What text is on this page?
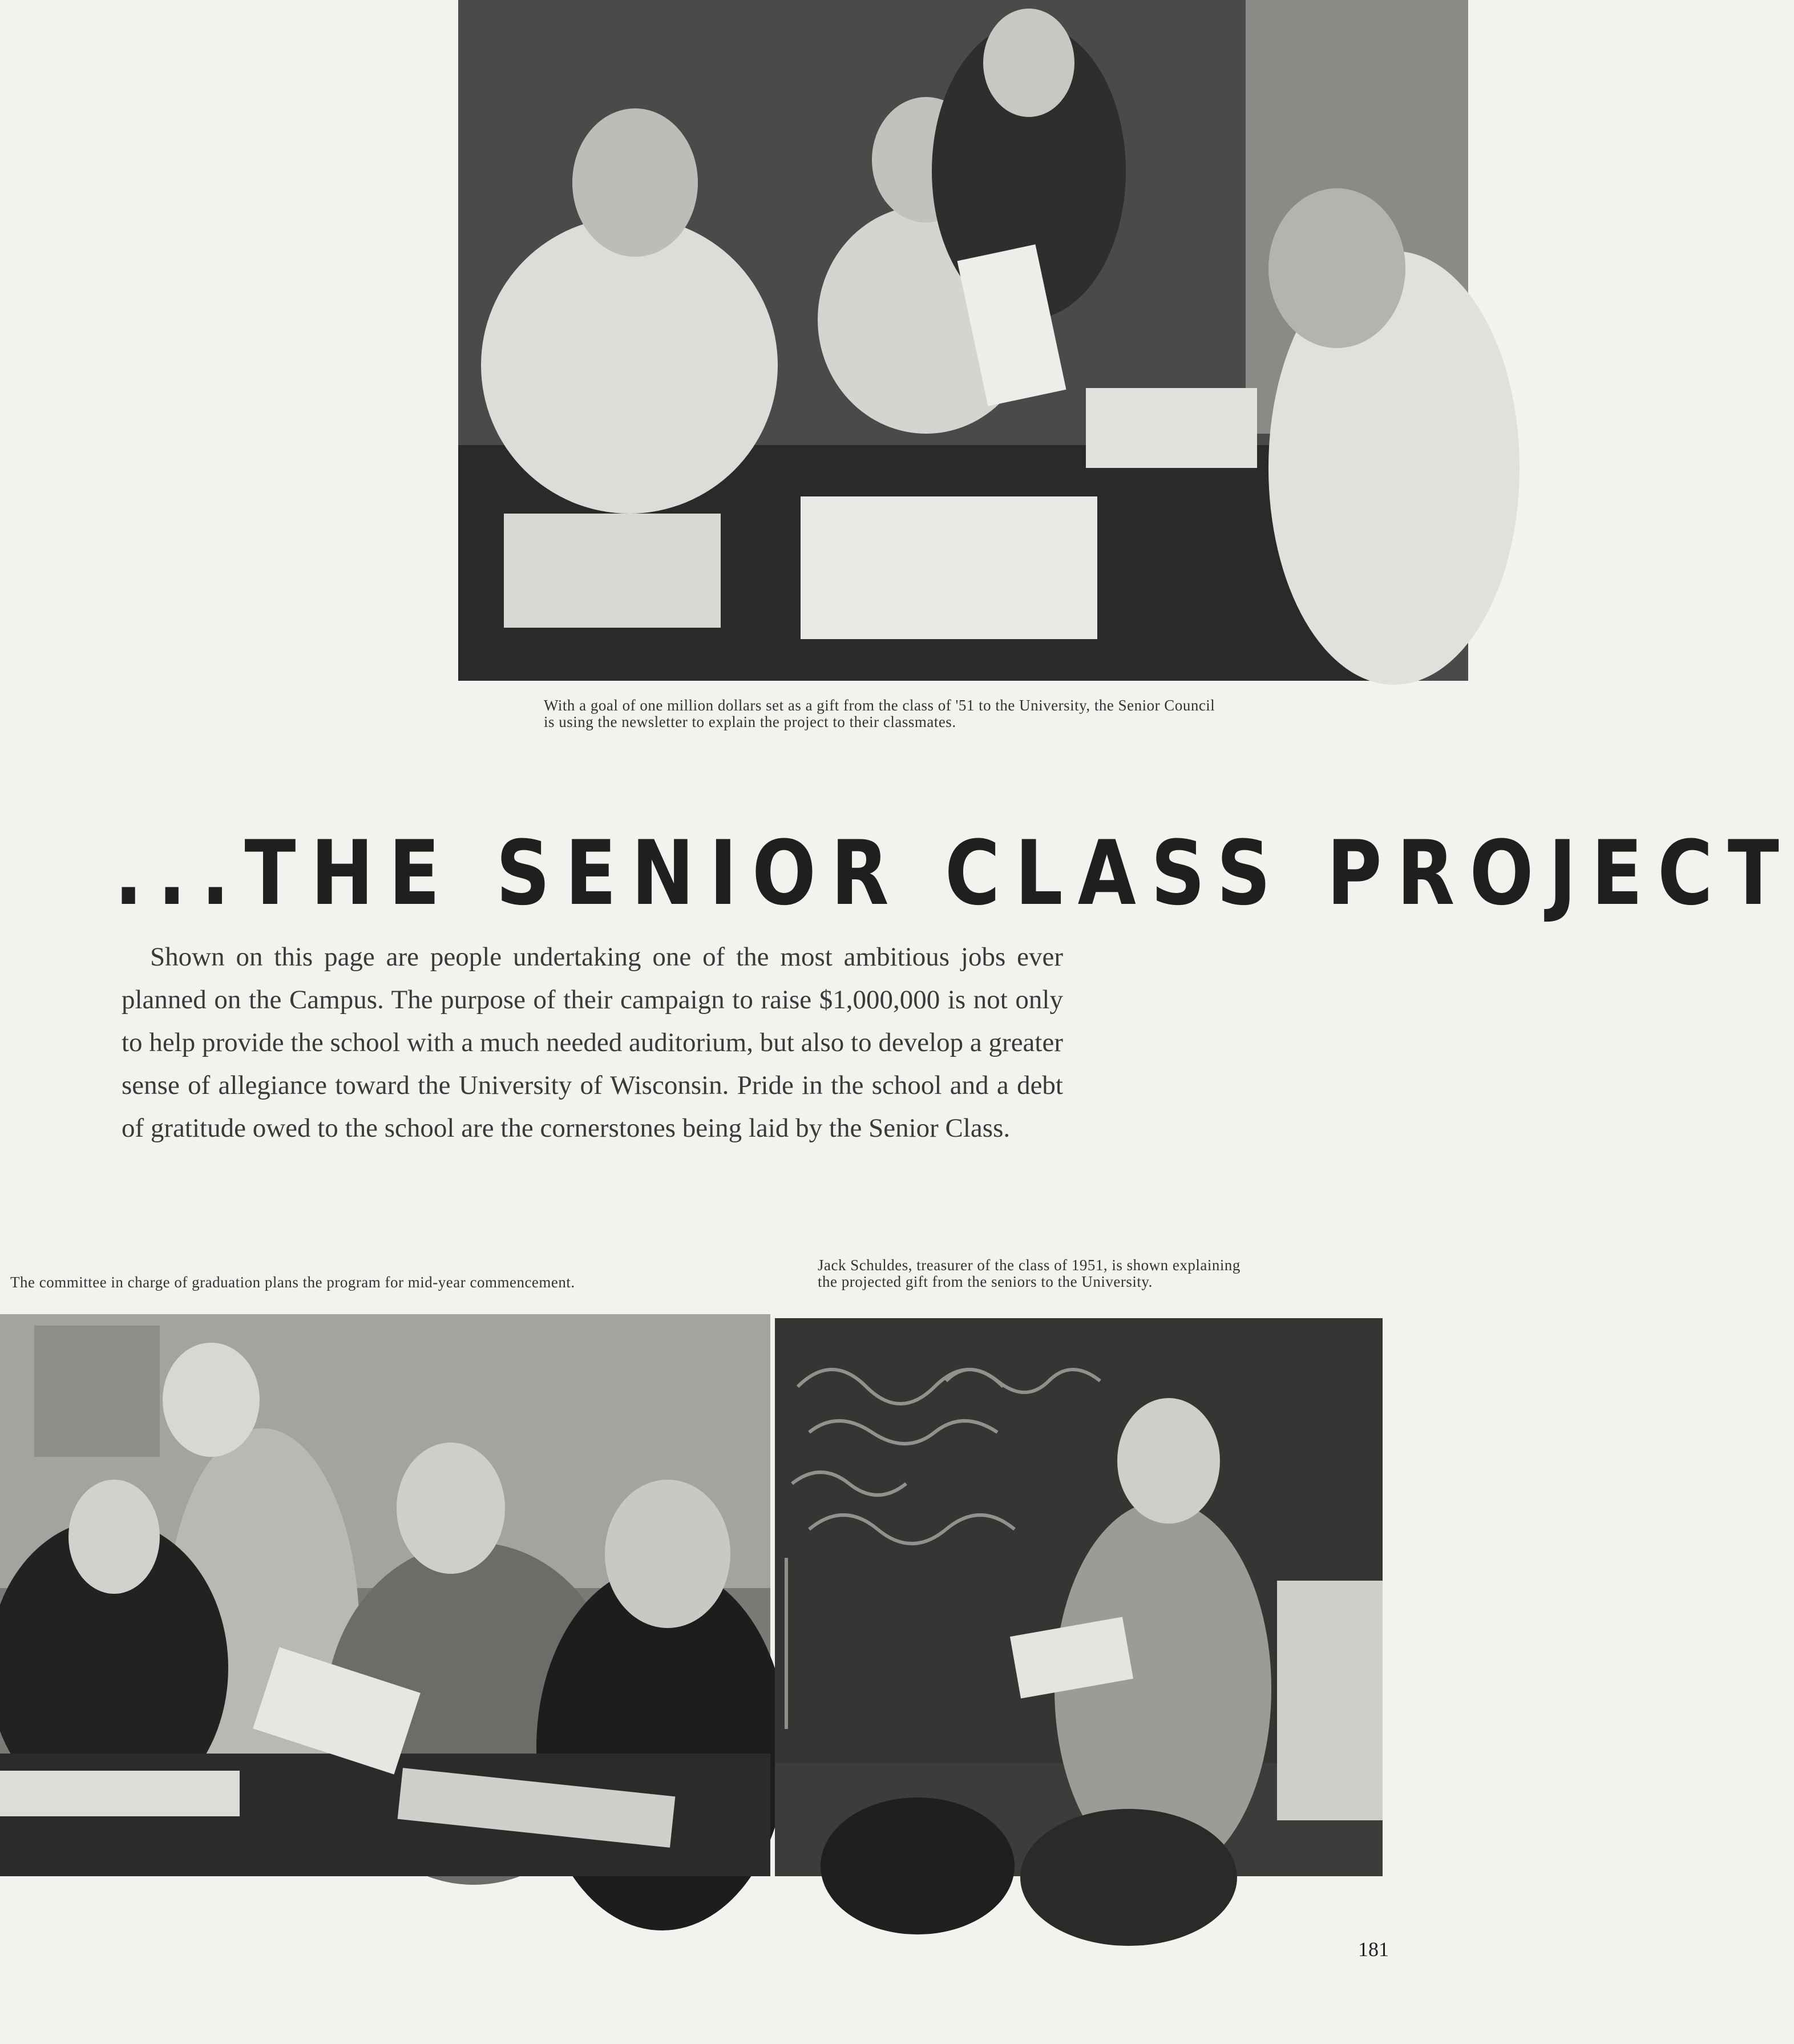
With a goal of one million dollars set as a gift from the class of '51 to the University, the Senior Council
is using the newsletter to explain the project to their classmates.
...THE SENIOR CLASS PROJECT

Shown on this page are people undertaking one of the most ambitious jobs ever planned on the Campus. The purpose of their campaign to raise $1,000,000 is not only to help provide the school with a much needed auditorium, but also to develop a greater sense of allegiance toward the University of Wisconsin. Pride in the school and a debt of gratitude owed to the school are the cornerstones being laid by the Senior Class.

The committee in charge of graduation plans the program for mid-year commencement.
Jack Schuldes, treasurer of the class of 1951, is shown explaining
the projected gift from the seniors to the University.
181
